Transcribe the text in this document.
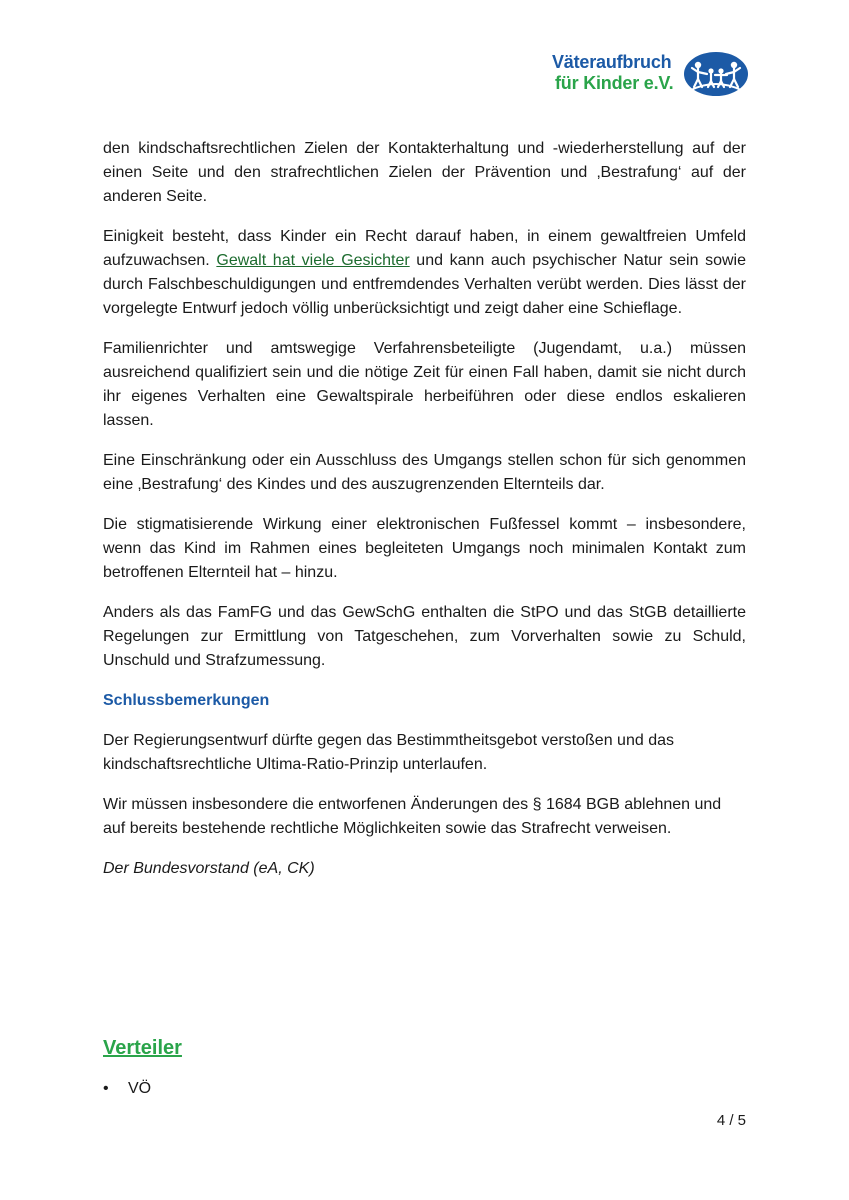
Väteraufbruch
für Kinder e.V.

den kindschaftsrechtlichen Zielen der Kontakterhaltung und -wiederherstellung auf der einen Seite und den strafrechtlichen Zielen der Prävention und ‚Bestrafung‘ auf der anderen Seite.

Einigkeit besteht, dass Kinder ein Recht darauf haben, in einem gewaltfreien Umfeld aufzuwachsen. Gewalt hat viele Gesichter und kann auch psychischer Natur sein sowie durch Falschbeschuldigungen und entfremdendes Verhalten verübt werden. Dies lässt der vorgelegte Entwurf jedoch völlig unberücksichtigt und zeigt daher eine Schieflage.

Familienrichter und amtswegige Verfahrensbeteiligte (Jugendamt, u.a.) müssen ausreichend qualifiziert sein und die nötige Zeit für einen Fall haben, damit sie nicht durch ihr eigenes Verhalten eine Gewaltspirale herbeiführen oder diese endlos eskalieren lassen.

Eine Einschränkung oder ein Ausschluss des Umgangs stellen schon für sich genommen eine ‚Bestrafung‘ des Kindes und des auszugrenzenden Elternteils dar.

Die stigmatisierende Wirkung einer elektronischen Fußfessel kommt – insbesondere, wenn das Kind im Rahmen eines begleiteten Umgangs noch minimalen Kontakt zum betroffenen Elternteil hat – hinzu.

Anders als das FamFG und das GewSchG enthalten die StPO und das StGB detaillierte Regelungen zur Ermittlung von Tatgeschehen, zum Vorverhalten sowie zu Schuld, Unschuld und Strafzumessung.

Schlussbemerkungen

Der Regierungsentwurf dürfte gegen das Bestimmtheitsgebot verstoßen und das kindschaftsrechtliche Ultima-Ratio-Prinzip unterlaufen.

Wir müssen insbesondere die entworfenen Änderungen des § 1684 BGB ablehnen und auf bereits bestehende rechtliche Möglichkeiten sowie das Strafrecht verweisen.

Der Bundesvorstand (eA, CK)

Verteiler
• VÖ
4 / 5
